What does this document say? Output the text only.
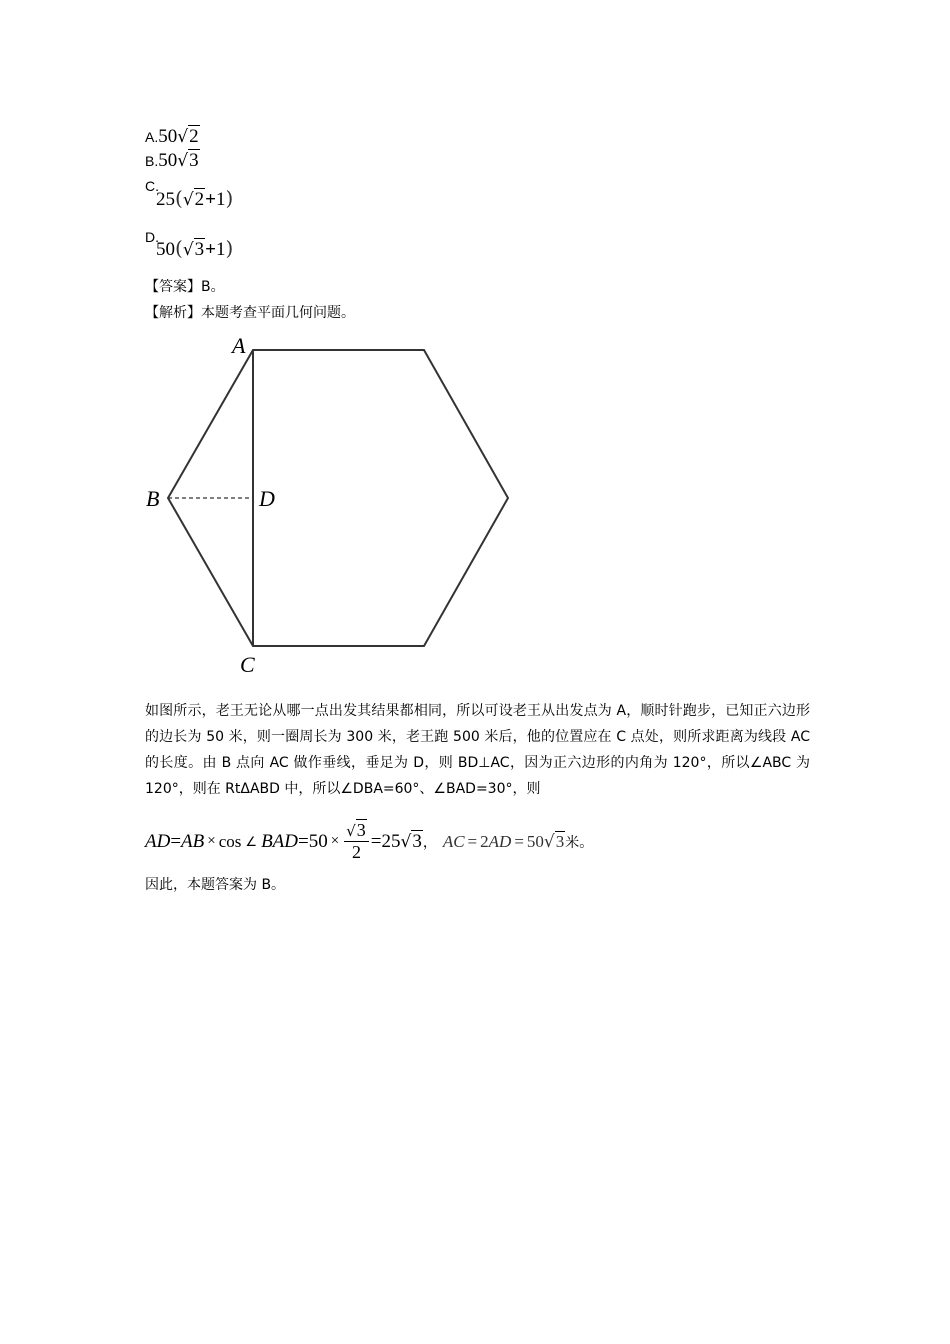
A.50√2
B.50√3
C.
25(√2+1)
D.
50(√3+1)
【答案】B。
【解析】本题考查平面几何问题。
A
B	D
C
如图所示，老王无论从哪一点出发其结果都相同，所以可设老王从出发点为 A，顺时针跑步，已知正六边形的边长为 50 米，则一圈周长为 300 米，老王跑 500 米后，他的位置应在 C 点处，则所求距离为线段 AC 的长度。由 B 点向 AC 做作垂线，垂足为 D，则 BD⊥AC，因为正六边形的内角为 120°，所以∠ABC 为 120°，则在 RtΔABD 中，所以∠DBA=60°、∠BAD=30°，则
AD = AB × cos ∠ BAD = $50 \times \frac{√3}{2} = 25$ √3 ， AC = 2 AD = 50 √3 米。
因此，本题答案为 B。
